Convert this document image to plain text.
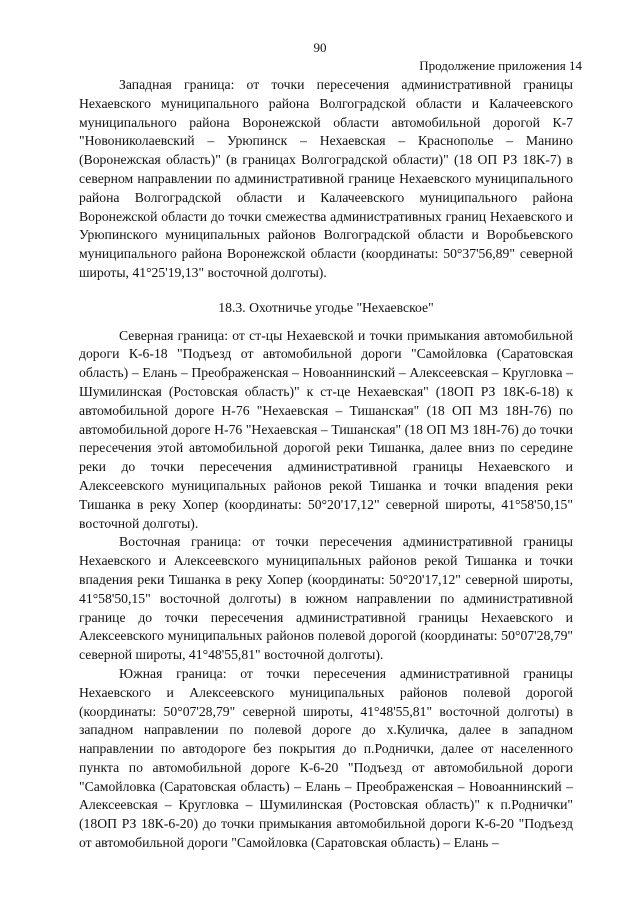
90
Продолжение приложения 14

Западная граница: от точки пересечения административной границы Нехаевского муниципального района Волгоградской области и Калачеевского муниципального района Воронежской области автомобильной дорогой К-7 "Новониколаевский – Урюпинск – Нехаевская – Краснополье – Манино (Воронежская область)" (в границах Волгоградской области)" (18 ОП РЗ 18К-7) в северном направлении по административной границе Нехаевского муниципального района Волгоградской области и Калачеевского муниципального района Воронежской области до точки смежества административных границ Нехаевского и Урюпинского муниципальных районов Волгоградской области и Воробьевского муниципального района Воронежской области (координаты: 50°37'56,89" северной широты, 41°25'19,13" восточной долготы).

18.3. Охотничье угодье "Нехаевское"

Северная граница: от ст-цы Нехаевской и точки примыкания автомобильной дороги К-6-18 "Подъезд от автомобильной дороги "Самойловка (Саратовская область) – Елань – Преображенская – Новоаннинский – Алексеевская – Кругловка – Шумилинская (Ростовская область)" к ст-це Нехаевская" (18ОП РЗ 18К-6-18) к автомобильной дороге Н-76 "Нехаевская – Тишанская" (18 ОП МЗ 18Н-76) по автомобильной дороге Н-76 "Нехаевская – Тишанская" (18 ОП МЗ 18Н-76) до точки пересечения этой автомобильной дорогой реки Тишанка, далее вниз по середине реки до точки пересечения административной границы Нехаевского и Алексеевского муниципальных районов рекой Тишанка и точки впадения реки Тишанка в реку Хопер (координаты: 50°20'17,12" северной широты, 41°58'50,15" восточной долготы).

Восточная граница: от точки пересечения административной границы Нехаевского и Алексеевского муниципальных районов рекой Тишанка и точки впадения реки Тишанка в реку Хопер (координаты: 50°20'17,12" северной широты, 41°58'50,15" восточной долготы) в южном направлении по административной границе до точки пересечения административной границы Нехаевского и Алексеевского муниципальных районов полевой дорогой (координаты: 50°07'28,79" северной широты, 41°48'55,81" восточной долготы).

Южная граница: от точки пересечения административной границы Нехаевского и Алексеевского муниципальных районов полевой дорогой (координаты: 50°07'28,79" северной широты, 41°48'55,81" восточной долготы) в западном направлении по полевой дороге до х.Куличка, далее в западном направлении по автодороге без покрытия до п.Роднички, далее от населенного пункта по автомобильной дороге К-6-20 "Подъезд от автомобильной дороги "Самойловка (Саратовская область) – Елань – Преображенская – Новоаннинский – Алексеевская – Кругловка – Шумилинская (Ростовская область)" к п.Роднички" (18ОП РЗ 18К-6-20) до точки примыкания автомобильной дороги К-6-20 "Подъезд от автомобильной дороги "Самойловка (Саратовская область) – Елань –
